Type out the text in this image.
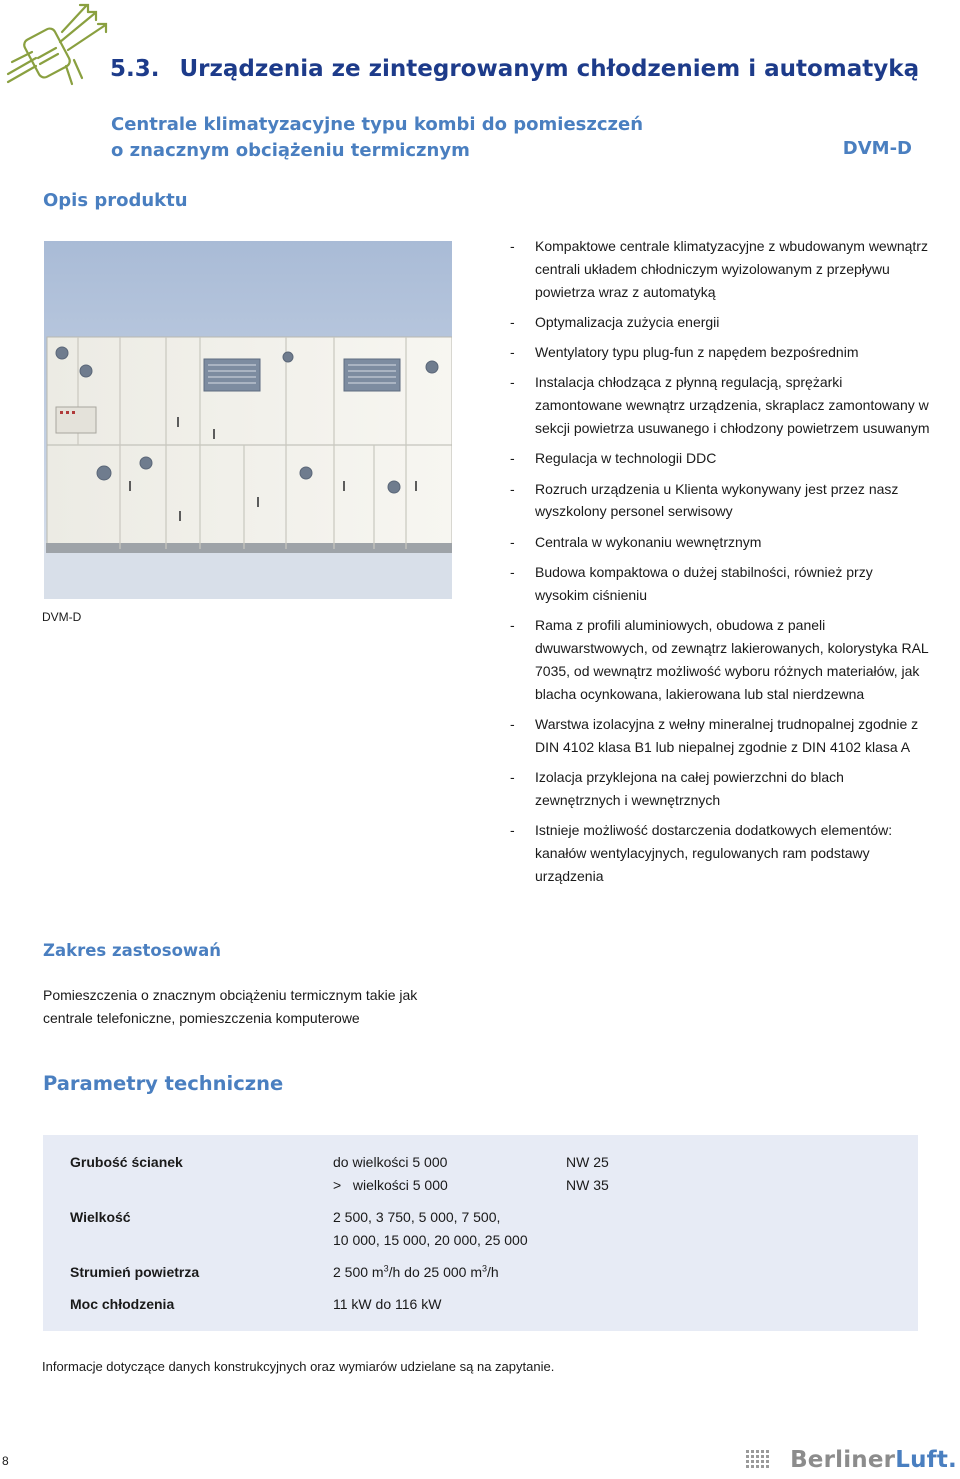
5.3. Urządzenia ze zintegrowanym chłodzeniem i automatyką
Centrale klimatyzacyjne typu kombi do pomieszczeń
o znacznym obciążeniu termicznym	DVM-D
Opis produktu
DVM-D
- Kompaktowe centrale klimatyzacyjne z wbudowanym wewnątrz centrali układem chłodniczym wyizolowanym z przepływu powietrza wraz z automatyką
- Optymalizacja zużycia energii
- Wentylatory typu plug-fun z napędem bezpośrednim
- Instalacja chłodząca z płynną regulacją, sprężarki zamontowane wewnątrz urządzenia, skraplacz zamontowany w sekcji powietrza usuwanego i chłodzony powietrzem usuwanym
- Regulacja w technologii DDC
- Rozruch urządzenia u Klienta wykonywany jest przez nasz wyszkolony personel serwisowy
- Centrala w wykonaniu wewnętrznym
- Budowa kompaktowa o dużej stabilności, również przy wysokim ciśnieniu
- Rama z profili aluminiowych, obudowa z paneli dwuwarstwowych, od zewnątrz lakierowanych, kolorystyka RAL 7035, od wewnątrz możliwość wyboru różnych materiałów, jak blacha ocynkowana, lakierowana lub stal nierdzewna
- Warstwa izolacyjna z wełny mineralnej trudnopalnej zgodnie z DIN 4102 klasa B1 lub niepalnej zgodnie z DIN 4102 klasa A
- Izolacja przyklejona na całej powierzchni do blach zewnętrznych i wewnętrznych
- Istnieje możliwość dostarczenia dodatkowych elementów: kanałów wentylacyjnych, regulowanych ram podstawy urządzenia
Zakres zastosowań
Pomieszczenia o znacznym obciążeniu termicznym takie jak centrale telefoniczne, pomieszczenia komputerowe
Parametry techniczne
Grubość ścianek	do wielkości 5 000	NW 25
>   wielkości 5 000	NW 35
Wielkość	2 500, 3 750, 5 000, 7 500,
10 000, 15 000, 20 000, 25 000
Strumień powietrza	2 500 $m^3/h$ do 25 000 $m^3/h$
Moc chłodzenia	11 kW do 116 kW
Informacje dotyczące danych konstrukcyjnych oraz wymiarów udzielane są na zapytanie.
8	BerlinerLuft.
